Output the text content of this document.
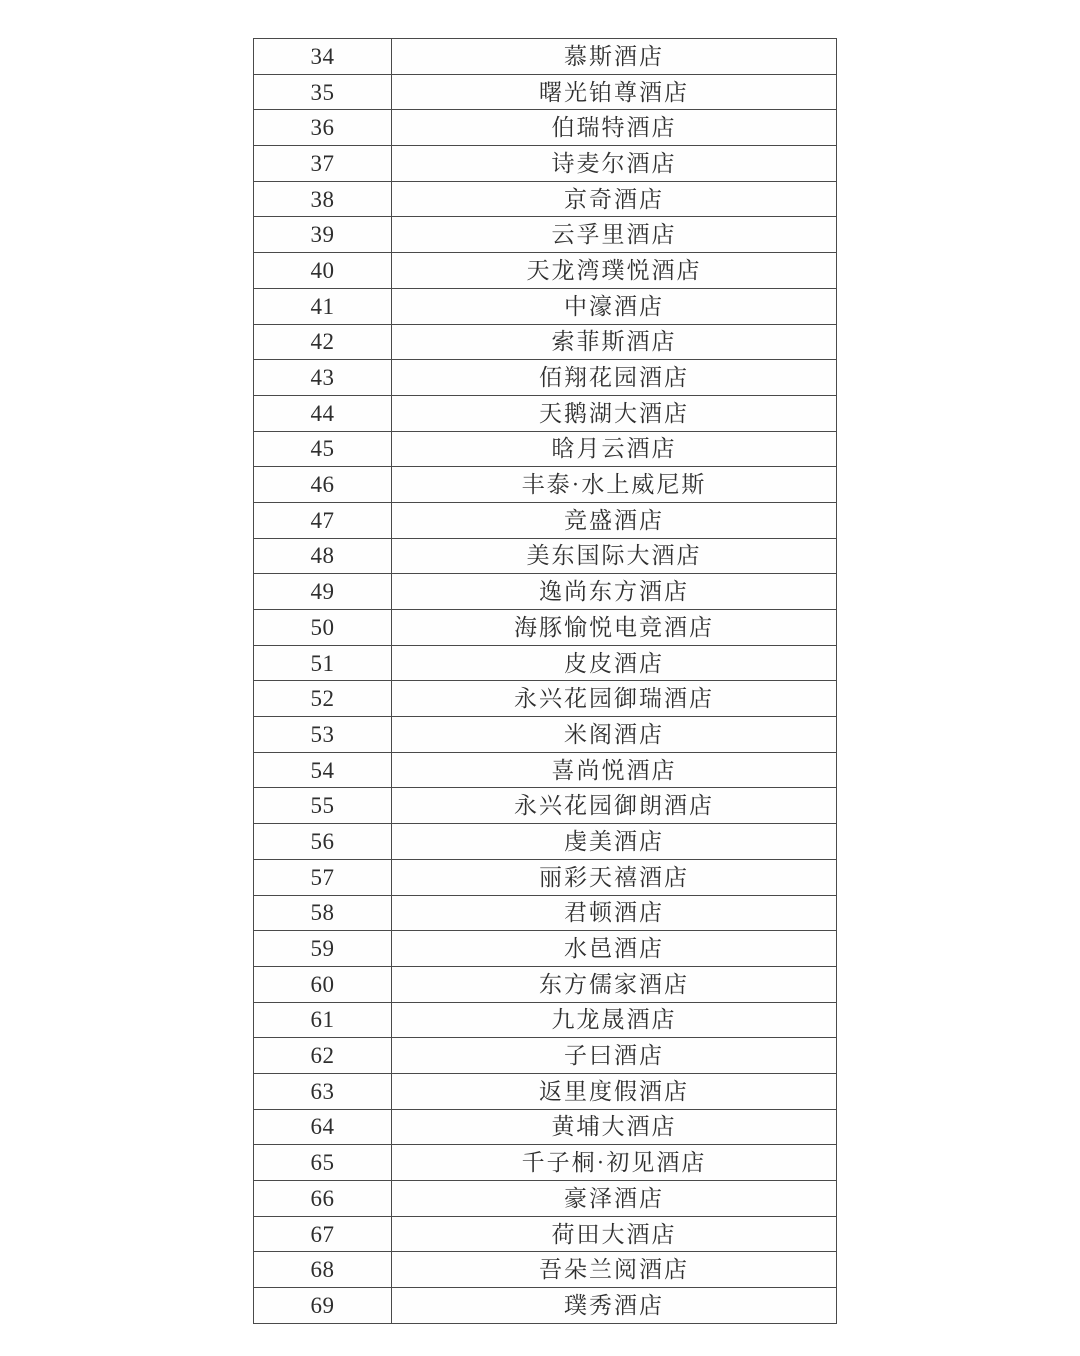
34	慕斯酒店
35	曙光铂尊酒店
36	伯瑞特酒店
37	诗麦尔酒店
38	京奇酒店
39	云孚里酒店
40	天龙湾璞悦酒店
41	中濠酒店
42	索菲斯酒店
43	佰翔花园酒店
44	天鹅湖大酒店
45	晗月云酒店
46	丰泰·水上威尼斯
47	竞盛酒店
48	美东国际大酒店
49	逸尚东方酒店
50	海豚愉悦电竞酒店
51	皮皮酒店
52	永兴花园御瑞酒店
53	米阁酒店
54	喜尚悦酒店
55	永兴花园御朗酒店
56	虔美酒店
57	丽彩天禧酒店
58	君顿酒店
59	水邑酒店
60	东方儒家酒店
61	九龙晟酒店
62	子曰酒店
63	返里度假酒店
64	黄埔大酒店
65	千子桐·初见酒店
66	豪泽酒店
67	荷田大酒店
68	吾朵兰阅酒店
69	璞秀酒店
